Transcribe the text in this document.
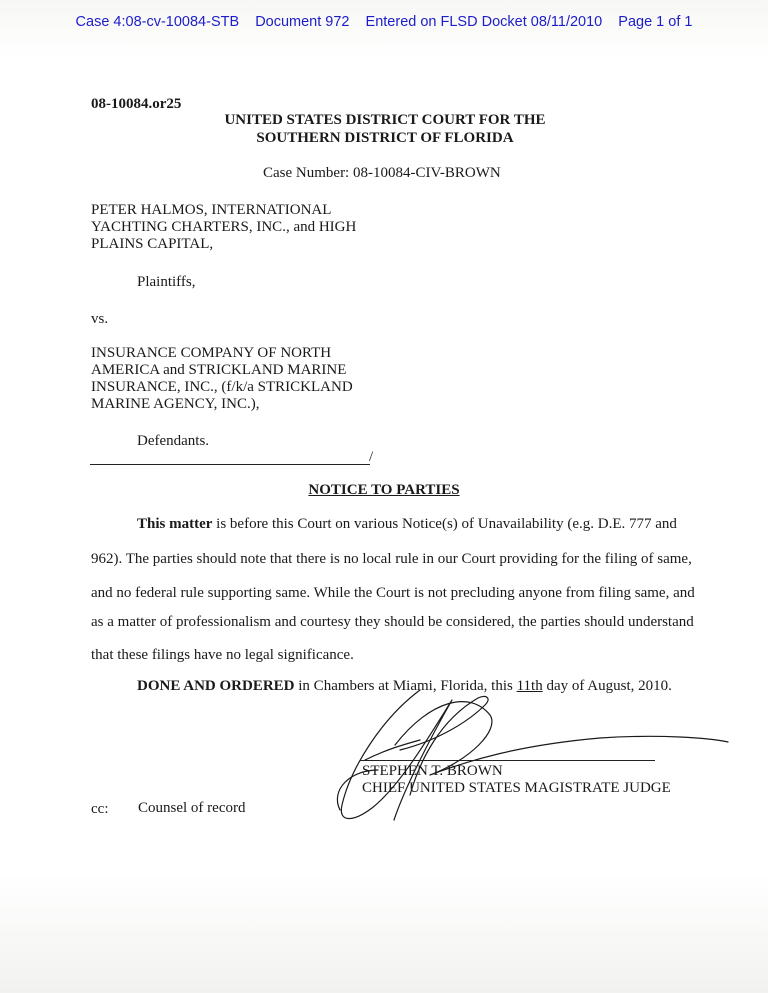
Case 4:08-cv-10084-STB Document 972 Entered on FLSD Docket 08/11/2010 Page 1 of 1
08-10084.or25
UNITED STATES DISTRICT COURT FOR THE
SOUTHERN DISTRICT OF FLORIDA
Case Number: 08-10084-CIV-BROWN
PETER HALMOS, INTERNATIONAL
YACHTING CHARTERS, INC., and HIGH
PLAINS CAPITAL,
Plaintiffs,
vs.
INSURANCE COMPANY OF NORTH
AMERICA and STRICKLAND MARINE
INSURANCE, INC., (f/k/a STRICKLAND
MARINE AGENCY, INC.),
Defendants.
/
NOTICE TO PARTIES
This matter is before this Court on various Notice(s) of Unavailability (e.g. D.E. 777 and
962). The parties should note that there is no local rule in our Court providing for the filing of same,
and no federal rule supporting same. While the Court is not precluding anyone from filing same, and
as a matter of professionalism and courtesy they should be considered, the parties should understand
that these filings have no legal significance.
DONE AND ORDERED in Chambers at Miami, Florida, this 11th day of August, 2010.
STEPHEN T. BROWN
CHIEF UNITED STATES MAGISTRATE JUDGE
cc: Counsel of record
